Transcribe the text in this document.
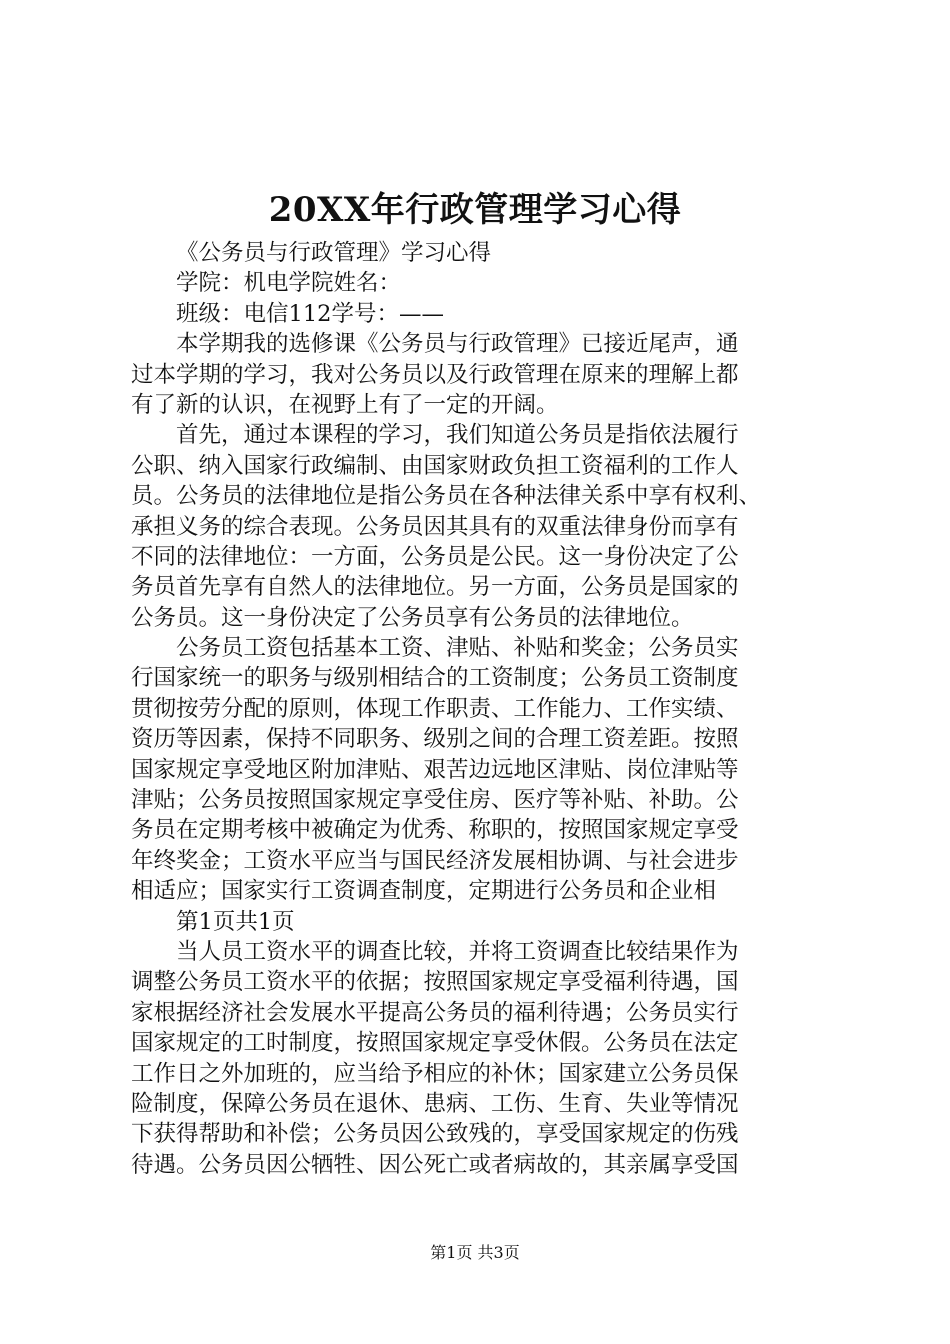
20XX年行政管理学习心得
《公务员与行政管理》学习心得
学院：机电学院姓名：
班级：电信112学号：——
本学期我的选修课《公务员与行政管理》已接近尾声，通
过本学期的学习，我对公务员以及行政管理在原来的理解上都
有了新的认识，在视野上有了一定的开阔。
首先，通过本课程的学习，我们知道公务员是指依法履行
公职、纳入国家行政编制、由国家财政负担工资福利的工作人
员。公务员的法律地位是指公务员在各种法律关系中享有权利、
承担义务的综合表现。公务员因其具有的双重法律身份而享有
不同的法律地位：一方面，公务员是公民。这一身份决定了公
务员首先享有自然人的法律地位。另一方面，公务员是国家的
公务员。这一身份决定了公务员享有公务员的法律地位。
公务员工资包括基本工资、津贴、补贴和奖金；公务员实
行国家统一的职务与级别相结合的工资制度；公务员工资制度
贯彻按劳分配的原则，体现工作职责、工作能力、工作实绩、
资历等因素，保持不同职务、级别之间的合理工资差距。按照
国家规定享受地区附加津贴、艰苦边远地区津贴、岗位津贴等
津贴；公务员按照国家规定享受住房、医疗等补贴、补助。公
务员在定期考核中被确定为优秀、称职的，按照国家规定享受
年终奖金；工资水平应当与国民经济发展相协调、与社会进步
相适应；国家实行工资调查制度，定期进行公务员和企业相
第1页共1页
当人员工资水平的调查比较，并将工资调查比较结果作为
调整公务员工资水平的依据；按照国家规定享受福利待遇，国
家根据经济社会发展水平提高公务员的福利待遇；公务员实行
国家规定的工时制度，按照国家规定享受休假。公务员在法定
工作日之外加班的，应当给予相应的补休；国家建立公务员保
险制度，保障公务员在退休、患病、工伤、生育、失业等情况
下获得帮助和补偿；公务员因公致残的，享受国家规定的伤残
待遇。公务员因公牺牲、因公死亡或者病故的，其亲属享受国
第1页 共3页
